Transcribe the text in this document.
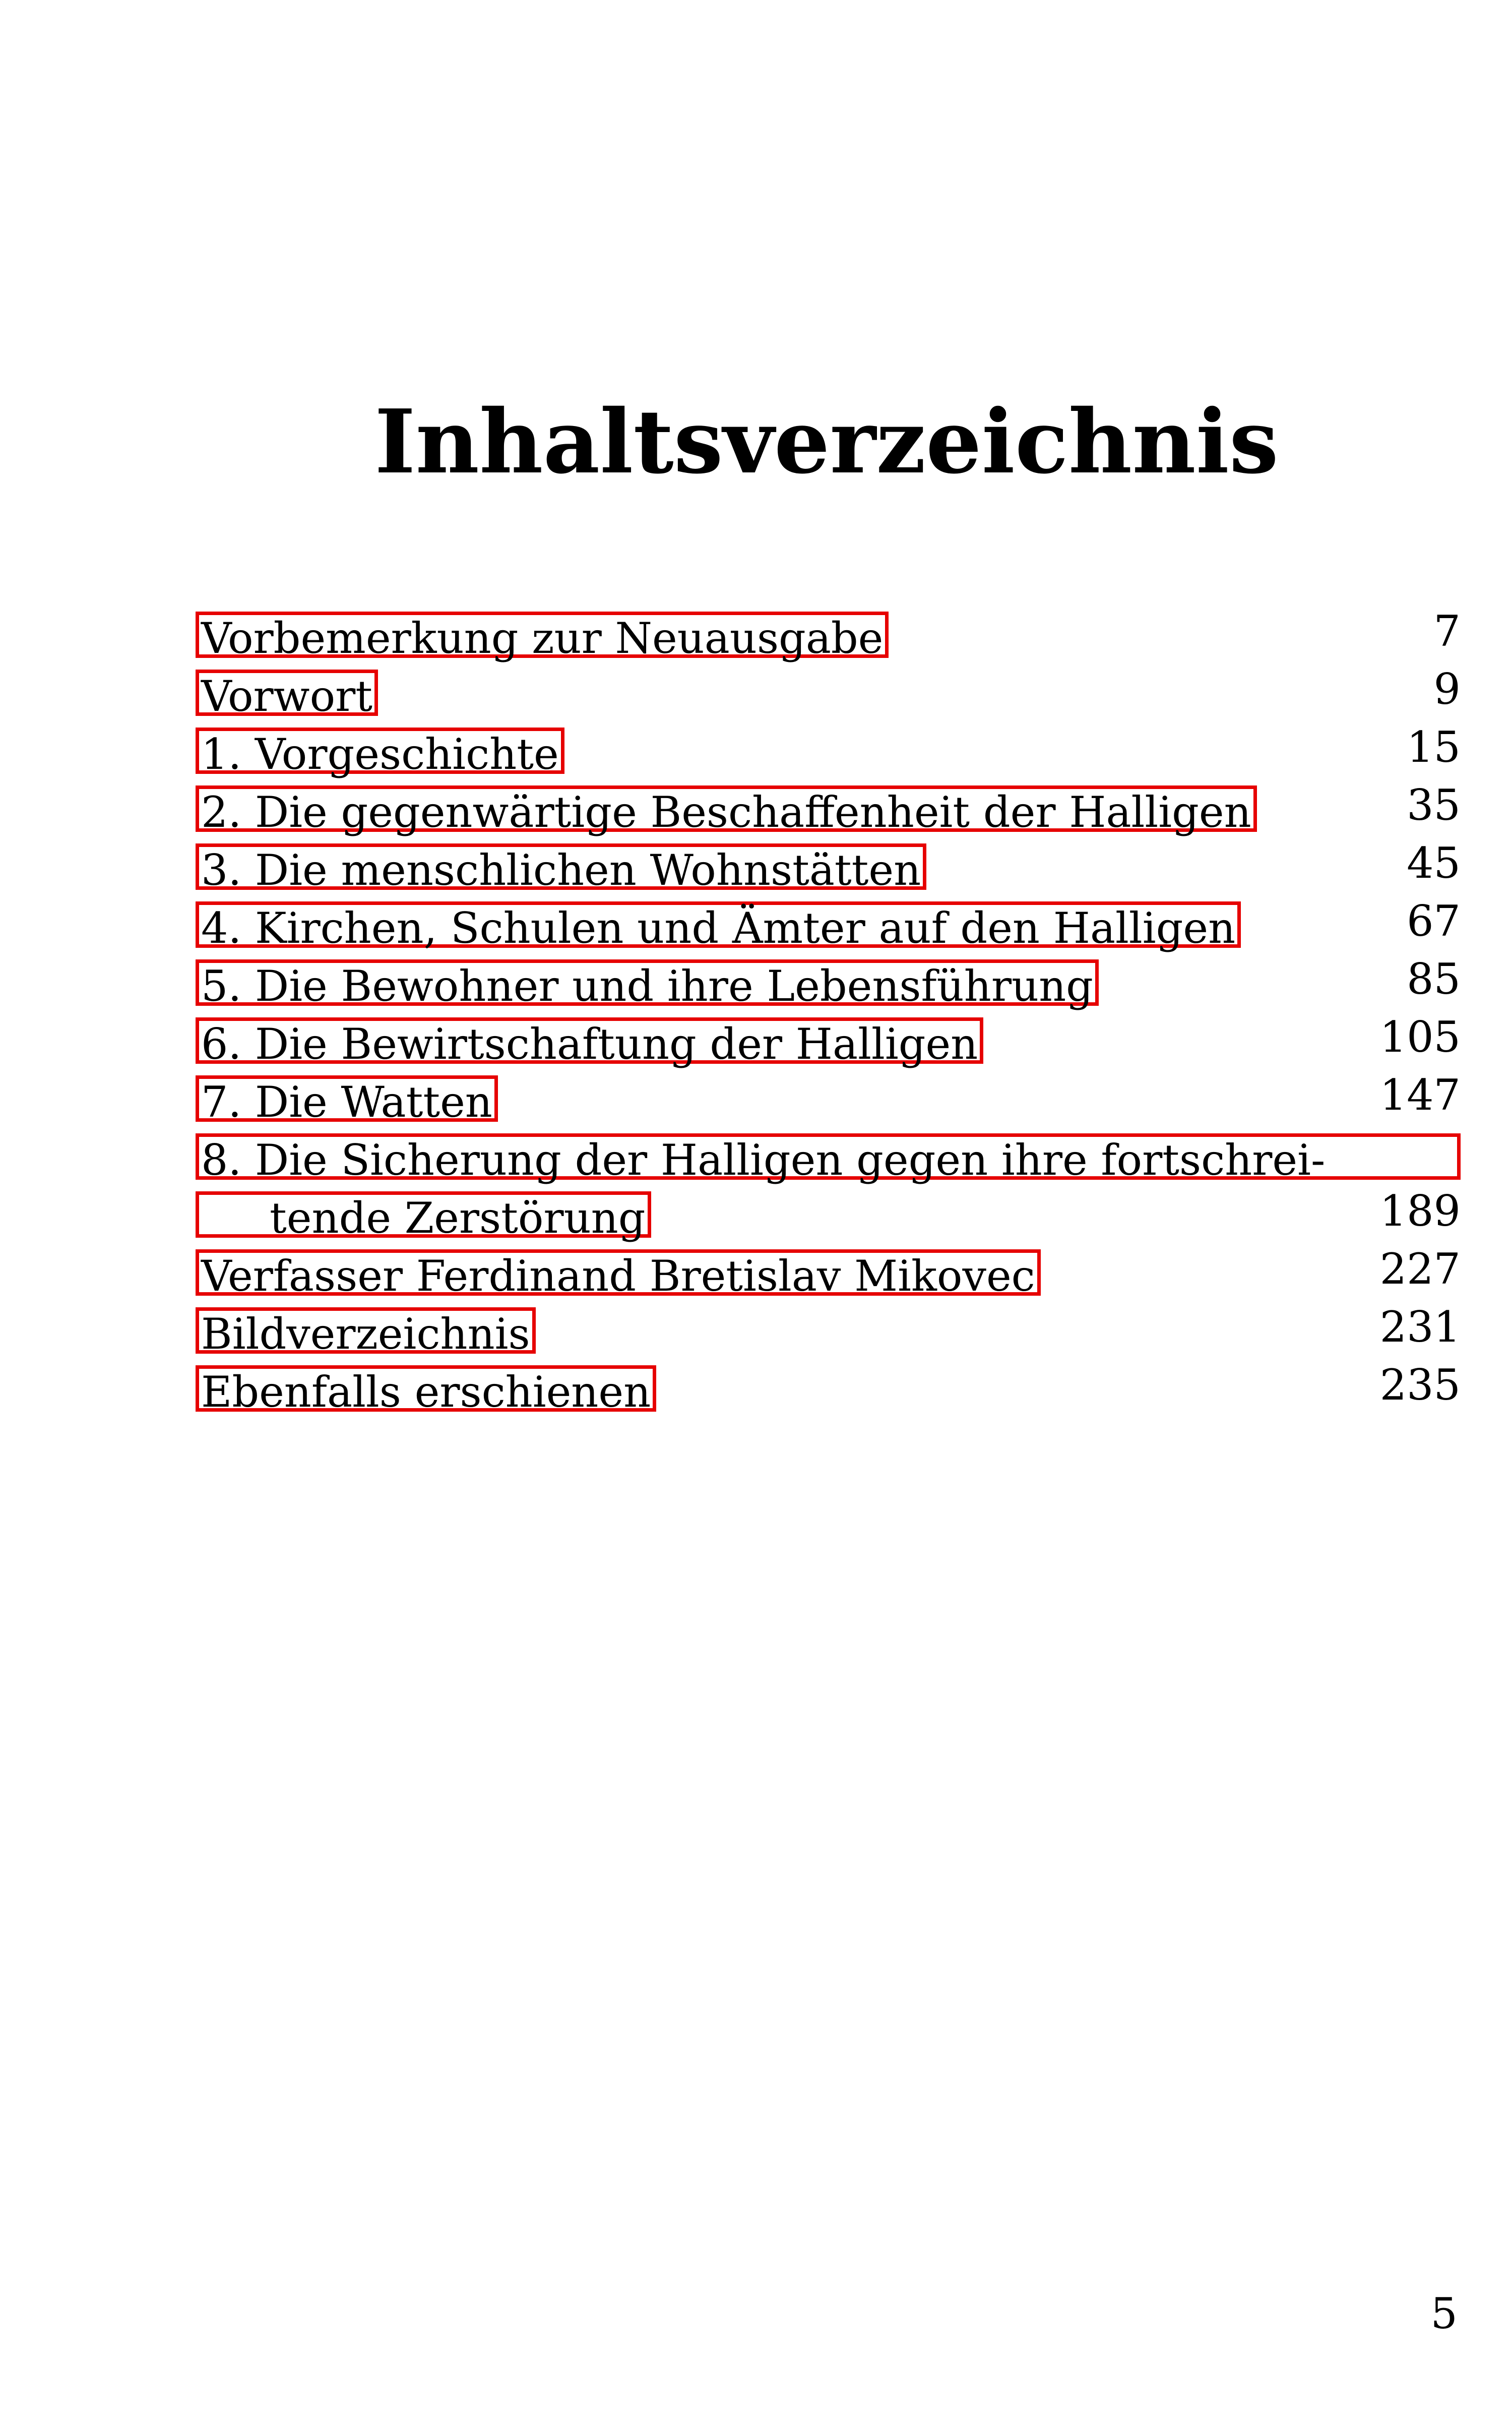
Inhaltsverzeichnis
Vorbemerkung zur Neuausgabe	7
Vorwort	9
1. Vorgeschichte	15
2. Die gegenwärtige Beschaffenheit der Halligen	35
3. Die menschlichen Wohnstätten	45
4. Kirchen, Schulen und Ämter auf den Halligen	67
5. Die Bewohner und ihre Lebensführung	85
6. Die Bewirtschaftung der Halligen	105
7. Die Watten	147
8. Die Sicherung der Halligen gegen ihre fortschrei-
tende Zerstörung	189
Verfasser Ferdinand Bretislav Mikovec	227
Bildverzeichnis	231
Ebenfalls erschienen	235
5
